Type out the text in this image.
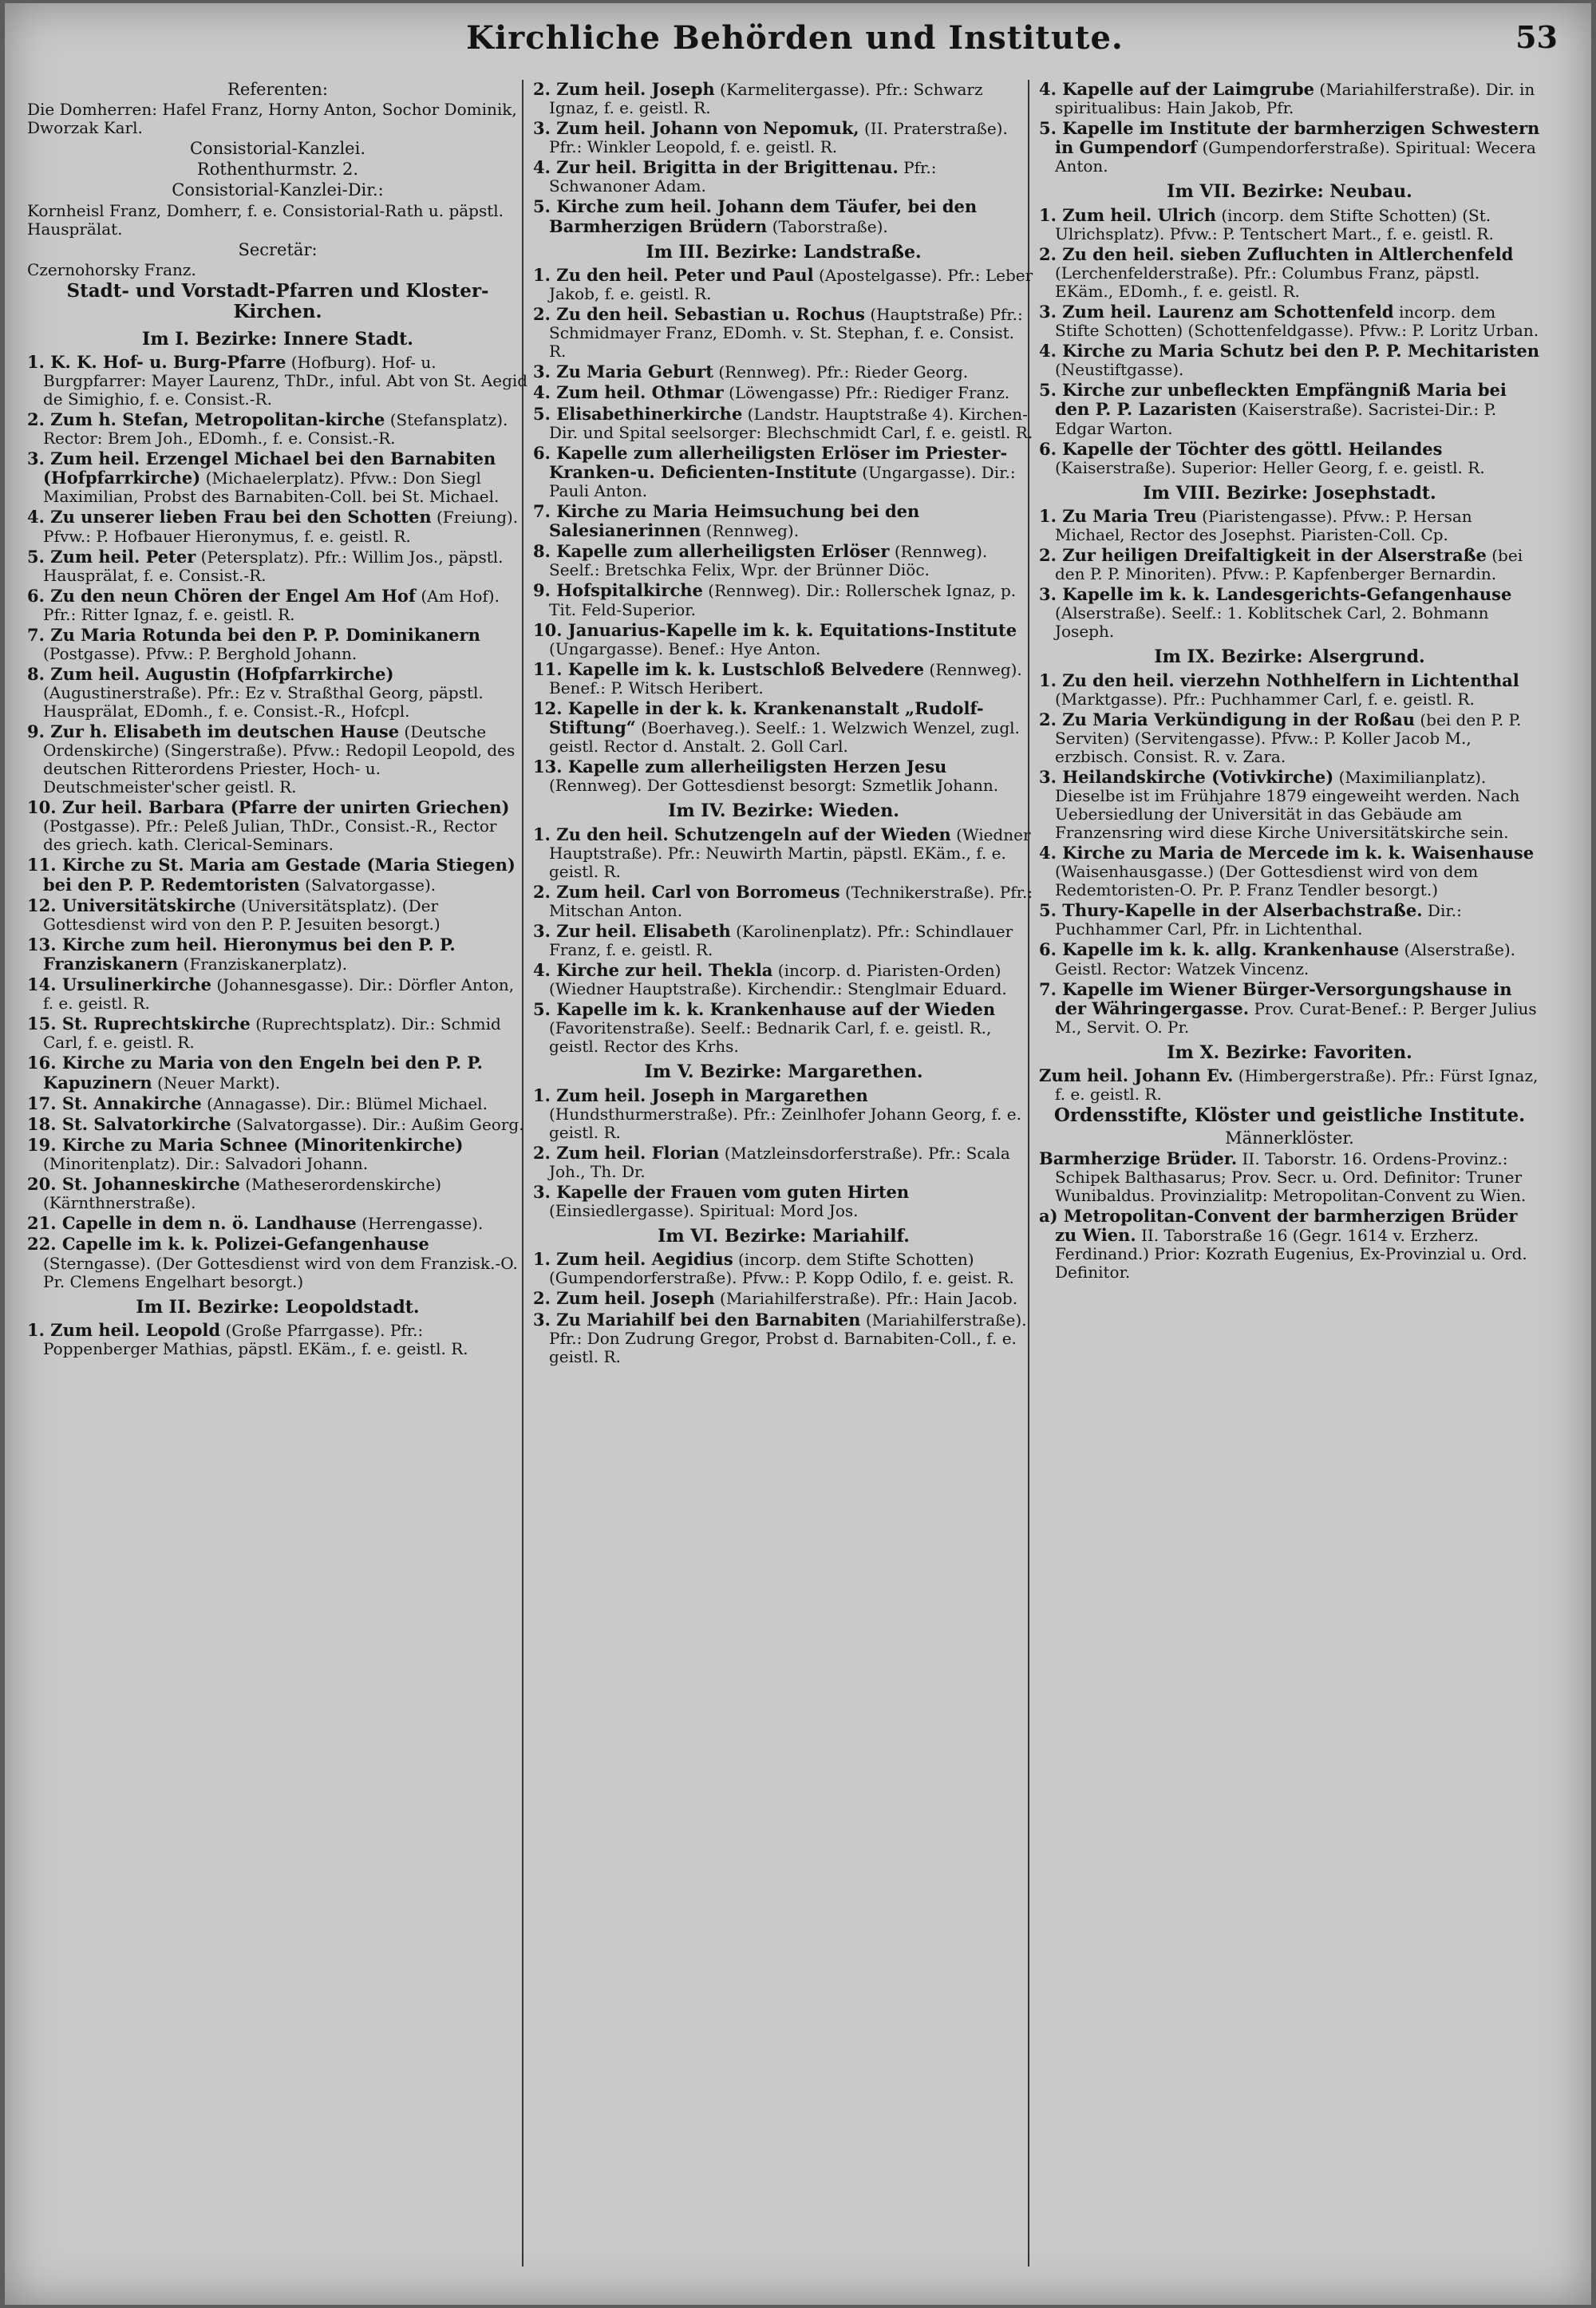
Kirchliche Behörden und Institute.	53

Referenten:

Die Domherren: Hafel Franz, Horny Anton, Sochor Dominik, Dworzak Karl.

Consistorial-Kanzlei.

Rothenthurmstr. 2.

Consistorial-Kanzlei-Dir.:

Kornheisl Franz, Domherr, f. e. Consistorial-Rath u. päpstl. Hausprälat.

Secretär:

Czernohorsky Franz.

Stadt- und Vorstadt-Pfarren und Kloster-Kirchen.

Im I. Bezirke: Innere Stadt.

1. K. K. Hof- u. Burg-Pfarre (Hofburg). Hof- u. Burgpfarrer: Mayer Laurenz, ThDr., inful. Abt von St. Aegid de Simighio, f. e. Consist.-R.

2. Zum h. Stefan, Metropolitan-kirche (Stefansplatz). Rector: Brem Joh., EDomh., f. e. Consist.-R.

3. Zum heil. Erzengel Michael bei den Barnabiten (Hofpfarrkirche) (Michaelerplatz). Pfvw.: Don Siegl Maximilian, Probst des Barnabiten-Coll. bei St. Michael.

4. Zu unserer lieben Frau bei den Schotten (Freiung). Pfvw.: P. Hofbauer Hieronymus, f. e. geistl. R.

5. Zum heil. Peter (Petersplatz). Pfr.: Willim Jos., päpstl. Hausprälat, f. e. Consist.-R.

6. Zu den neun Chören der Engel Am Hof (Am Hof). Pfr.: Ritter Ignaz, f. e. geistl. R.

7. Zu Maria Rotunda bei den P. P. Dominikanern (Postgasse). Pfvw.: P. Berghold Johann.

8. Zum heil. Augustin (Hofpfarrkirche) (Augustinerstraße). Pfr.: Ez v. Straßthal Georg, päpstl. Hausprälat, EDomh., f. e. Consist.-R., Hofcpl.

9. Zur h. Elisabeth im deutschen Hause (Deutsche Ordenskirche) (Singerstraße). Pfvw.: Redopil Leopold, des deutschen Ritterordens Priester, Hoch- u. Deutschmeister'scher geistl. R.

10. Zur heil. Barbara (Pfarre der unirten Griechen) (Postgasse). Pfr.: Peleß Julian, ThDr., Consist.-R., Rector des griech. kath. Clerical-Seminars.

11. Kirche zu St. Maria am Gestade (Maria Stiegen) bei den P. P. Redemtoristen (Salvatorgasse).

12. Universitätskirche (Universitätsplatz). (Der Gottesdienst wird von den P. P. Jesuiten besorgt.)

13. Kirche zum heil. Hieronymus bei den P. P. Franziskanern (Franziskanerplatz).

14. Ursulinerkirche (Johannesgasse). Dir.: Dörfler Anton, f. e. geistl. R.

15. St. Ruprechtskirche (Ruprechtsplatz). Dir.: Schmid Carl, f. e. geistl. R.

16. Kirche zu Maria von den Engeln bei den P. P. Kapuzinern (Neuer Markt).

17. St. Annakirche (Annagasse). Dir.: Blümel Michael.

18. St. Salvatorkirche (Salvatorgasse). Dir.: Außim Georg.

19. Kirche zu Maria Schnee (Minoritenkirche) (Minoritenplatz). Dir.: Salvadori Johann.

20. St. Johanneskirche (Matheserordenskirche) (Kärnthnerstraße).

21. Capelle in dem n. ö. Landhause (Herrengasse).

22. Capelle im k. k. Polizei-Gefangenhause (Sterngasse). (Der Gottesdienst wird von dem Franzisk.-O. Pr. Clemens Engelhart besorgt.)

Im II. Bezirke: Leopoldstadt.

1. Zum heil. Leopold (Große Pfarrgasse). Pfr.: Poppenberger Mathias, päpstl. EKäm., f. e. geistl. R.

2. Zum heil. Joseph (Karmelitergasse). Pfr.: Schwarz Ignaz, f. e. geistl. R.

3. Zum heil. Johann von Nepomuk, (II. Praterstraße). Pfr.: Winkler Leopold, f. e. geistl. R.

4. Zur heil. Brigitta in der Brigittenau. Pfr.: Schwanoner Adam.

5. Kirche zum heil. Johann dem Täufer, bei den Barmherzigen Brüdern (Taborstraße).

Im III. Bezirke: Landstraße.

1. Zu den heil. Peter und Paul (Apostelgasse). Pfr.: Leber Jakob, f. e. geistl. R.

2. Zu den heil. Sebastian u. Rochus (Hauptstraße) Pfr.: Schmidmayer Franz, EDomh. v. St. Stephan, f. e. Consist. R.

3. Zu Maria Geburt (Rennweg). Pfr.: Rieder Georg.

4. Zum heil. Othmar (Löwengasse) Pfr.: Riediger Franz.

5. Elisabethinerkirche (Landstr. Hauptstraße 4). Kirchen-Dir. und Spital seelsorger: Blechschmidt Carl, f. e. geistl. R.

6. Kapelle zum allerheiligsten Erlöser im Priester-Kranken-u. Deficienten-Institute (Ungargasse). Dir.: Pauli Anton.

7. Kirche zu Maria Heimsuchung bei den Salesianerinnen (Rennweg).

8. Kapelle zum allerheiligsten Erlöser (Rennweg). Seelf.: Bretschka Felix, Wpr. der Brünner Diöc.

9. Hofspitalkirche (Rennweg). Dir.: Rollerschek Ignaz, p. Tit. Feld-Superior.

10. Januarius-Kapelle im k. k. Equitations-Institute (Ungargasse). Benef.: Hye Anton.

11. Kapelle im k. k. Lustschloß Belvedere (Rennweg). Benef.: P. Witsch Heribert.

12. Kapelle in der k. k. Krankenanstalt „Rudolf-Stiftung“ (Boerhaveg.). Seelf.: 1. Welzwich Wenzel, zugl. geistl. Rector d. Anstalt. 2. Goll Carl.

13. Kapelle zum allerheiligsten Herzen Jesu (Rennweg). Der Gottesdienst besorgt: Szmetlik Johann.

Im IV. Bezirke: Wieden.

1. Zu den heil. Schutzengeln auf der Wieden (Wiedner Hauptstraße). Pfr.: Neuwirth Martin, päpstl. EKäm., f. e. geistl. R.

2. Zum heil. Carl von Borromeus (Technikerstraße). Pfr.: Mitschan Anton.

3. Zur heil. Elisabeth (Karolinenplatz). Pfr.: Schindlauer Franz, f. e. geistl. R.

4. Kirche zur heil. Thekla (incorp. d. Piaristen-Orden) (Wiedner Hauptstraße). Kirchendir.: Stenglmair Eduard.

5. Kapelle im k. k. Krankenhause auf der Wieden (Favoritenstraße). Seelf.: Bednarik Carl, f. e. geistl. R., geistl. Rector des Krhs.

Im V. Bezirke: Margarethen.

1. Zum heil. Joseph in Margarethen (Hundsthurmerstraße). Pfr.: Zeinlhofer Johann Georg, f. e. geistl. R.

2. Zum heil. Florian (Matzleinsdorferstraße). Pfr.: Scala Joh., Th. Dr.

3. Kapelle der Frauen vom guten Hirten (Einsiedlergasse). Spiritual: Mord Jos.

Im VI. Bezirke: Mariahilf.

1. Zum heil. Aegidius (incorp. dem Stifte Schotten) (Gumpendorferstraße). Pfvw.: P. Kopp Odilo, f. e. geist. R.

2. Zum heil. Joseph (Mariahilferstraße). Pfr.: Hain Jacob.

3. Zu Mariahilf bei den Barnabiten (Mariahilferstraße). Pfr.: Don Zudrung Gregor, Probst d. Barnabiten-Coll., f. e. geistl. R.

4. Kapelle auf der Laimgrube (Mariahilferstraße). Dir. in spiritualibus: Hain Jakob, Pfr.

5. Kapelle im Institute der barmherzigen Schwestern in Gumpendorf (Gumpendorferstraße). Spiritual: Wecera Anton.

Im VII. Bezirke: Neubau.

1. Zum heil. Ulrich (incorp. dem Stifte Schotten) (St. Ulrichsplatz). Pfvw.: P. Tentschert Mart., f. e. geistl. R.

2. Zu den heil. sieben Zufluchten in Altlerchenfeld (Lerchenfelderstraße). Pfr.: Columbus Franz, päpstl. EKäm., EDomh., f. e. geistl. R.

3. Zum heil. Laurenz am Schottenfeld incorp. dem Stifte Schotten) (Schottenfeldgasse). Pfvw.: P. Loritz Urban.

4. Kirche zu Maria Schutz bei den P. P. Mechitaristen (Neustiftgasse).

5. Kirche zur unbefleckten Empfängniß Maria bei den P. P. Lazaristen (Kaiserstraße). Sacristei-Dir.: P. Edgar Warton.

6. Kapelle der Töchter des göttl. Heilandes (Kaiserstraße). Superior: Heller Georg, f. e. geistl. R.

Im VIII. Bezirke: Josephstadt.

1. Zu Maria Treu (Piaristengasse). Pfvw.: P. Hersan Michael, Rector des Josephst. Piaristen-Coll. Cp.

2. Zur heiligen Dreifaltigkeit in der Alserstraße (bei den P. P. Minoriten). Pfvw.: P. Kapfenberger Bernardin.

3. Kapelle im k. k. Landesgerichts-Gefangenhause (Alserstraße). Seelf.: 1. Koblitschek Carl, 2. Bohmann Joseph.

Im IX. Bezirke: Alsergrund.

1. Zu den heil. vierzehn Nothhelfern in Lichtenthal (Marktgasse). Pfr.: Puchhammer Carl, f. e. geistl. R.

2. Zu Maria Verkündigung in der Roßau (bei den P. P. Serviten) (Servitengasse). Pfvw.: P. Koller Jacob M., erzbisch. Consist. R. v. Zara.

3. Heilandskirche (Votivkirche) (Maximilianplatz). Dieselbe ist im Frühjahre 1879 eingeweiht werden. Nach Uebersiedlung der Universität in das Gebäude am Franzensring wird diese Kirche Universitätskirche sein.

4. Kirche zu Maria de Mercede im k. k. Waisenhause (Waisenhausgasse.) (Der Gottesdienst wird von dem Redemtoristen-O. Pr. P. Franz Tendler besorgt.)

5. Thury-Kapelle in der Alserbachstraße. Dir.: Puchhammer Carl, Pfr. in Lichtenthal.

6. Kapelle im k. k. allg. Krankenhause (Alserstraße). Geistl. Rector: Watzek Vincenz.

7. Kapelle im Wiener Bürger-Versorgungshause in der Währingergasse. Prov. Curat-Benef.: P. Berger Julius M., Servit. O. Pr.

Im X. Bezirke: Favoriten.

Zum heil. Johann Ev. (Himbergerstraße). Pfr.: Fürst Ignaz, f. e. geistl. R.

Ordensstifte, Klöster und geistliche Institute.

Männerklöster.

Barmherzige Brüder. II. Taborstr. 16. Ordens-Provinz.: Schipek Balthasarus; Prov. Secr. u. Ord. Definitor: Truner Wunibaldus. Provinzialitp: Metropolitan-Convent zu Wien.

a) Metropolitan-Convent der barmherzigen Brüder zu Wien. II. Taborstraße 16 (Gegr. 1614 v. Erzherz. Ferdinand.) Prior: Kozrath Eugenius, Ex-Provinzial u. Ord. Definitor.
